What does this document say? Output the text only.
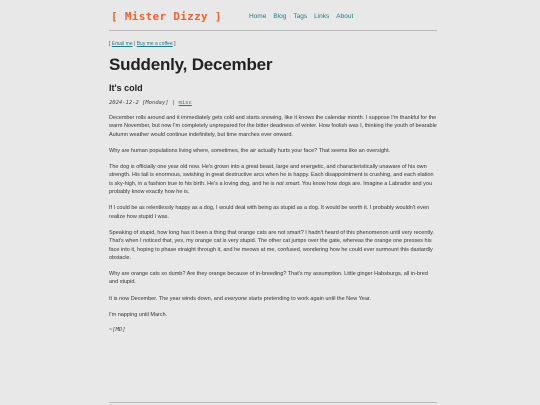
[ Mister Dizzy ]	Home Blog Tags Links About
[ Email me | Buy me a coffee ]
Suddenly, December
It's cold
2024-12-2 [Monday] | misc

December rolls around and it immediately gets cold and starts snowing, like it knows the calendar month. I suppose I'm thankful for the warm November, but now I'm completely unprepared for the bitter deadness of winter. How foolish was I, thinking the youth of bearable Autumn weather would continue indefinitely, but time marches ever onward.

Why are human populations living where, sometimes, the air actually hurts your face? That seems like an oversight.

The dog is officially one year old now. He's grown into a great beast, large and energetic, and characteristically unaware of his own strength. His tail is enormous, swishing in great destructive arcs when he is happy. Each disappointment is crushing, and each elation is sky-high, in a fashion true to his birth. He's a loving dog, and he is not smart. You know how dogs are. Imagine a Labrador and you probably know exactly how he is.

If I could be as relentlessly happy as a dog, I would deal with being as stupid as a dog. It would be worth it. I probably wouldn't even realize how stupid I was.

Speaking of stupid, how long has it been a thing that orange cats are not smart? I hadn't heard of this phenomenon until very recently. That's when I noticed that, yes, my orange cat is very stupid. The other cat jumps over the gate, whereas the orange one presses his face into it, hoping to phase straight through it, and he meows at me, confused, wondering how he could ever surmount this dastardly obstacle.

Why are orange cats so dumb? Are they orange because of in-breeding? That's my assumption. Little ginger Habsburgs, all in-bred and stupid.

It is now December. The year winds down, and everyone starts pretending to work again until the New Year.

I'm napping until March.

~[MD]
